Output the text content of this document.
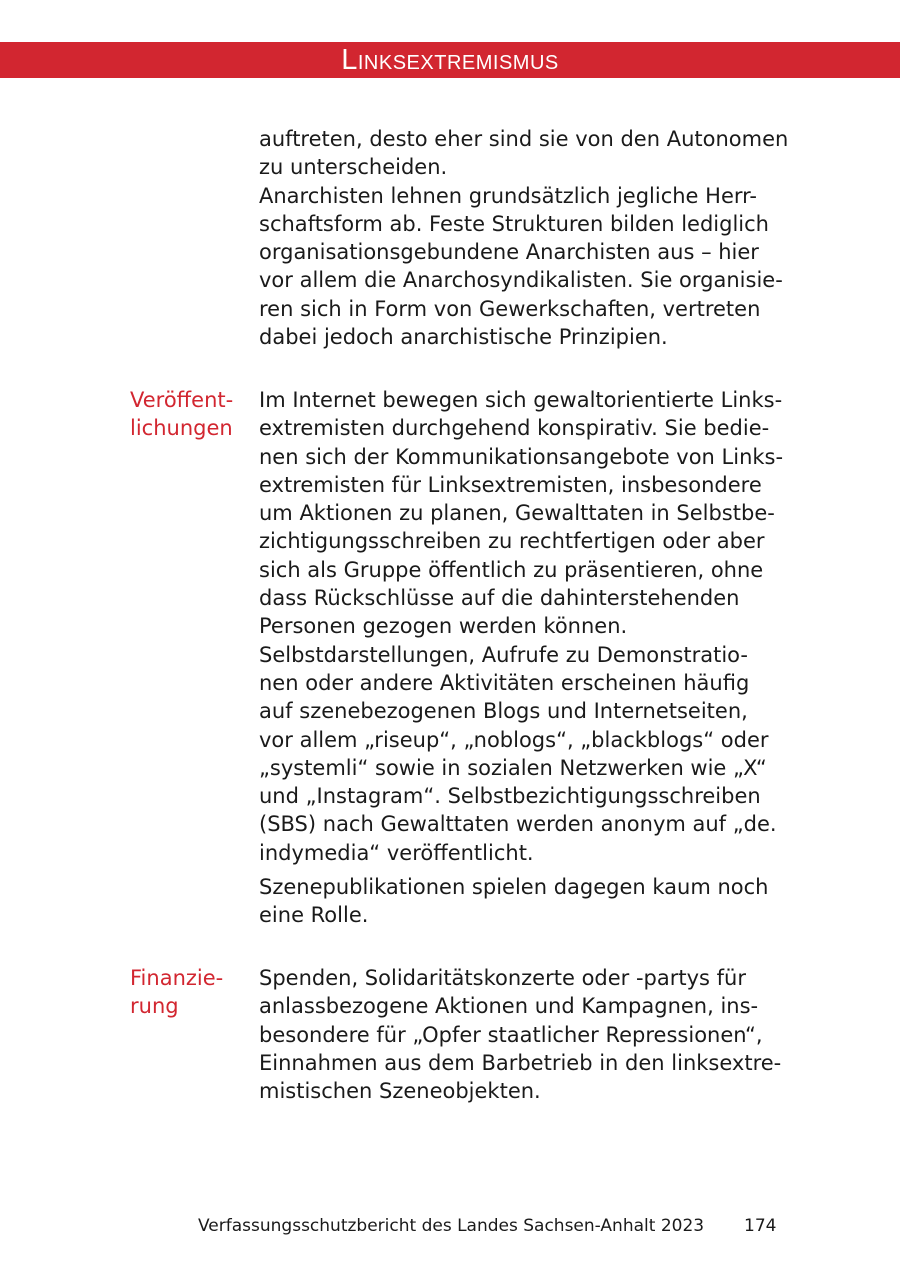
Linksextremismus
auftreten, desto eher sind sie von den Autonomen
zu unterscheiden.
Anarchisten lehnen grundsätzlich jegliche Herr-
schaftsform ab. Feste Strukturen bilden lediglich
organisationsgebundene Anarchisten aus – hier
vor allem die Anarchosyndikalisten. Sie organisie-
ren sich in Form von Gewerkschaften, vertreten
dabei jedoch anarchistische Prinzipien.
Veröffent-
lichungen
Im Internet bewegen sich gewaltorientierte Links-
extremisten durchgehend konspirativ. Sie bedie-
nen sich der Kommunikationsangebote von Links-
extremisten für Linksextremisten, insbesondere
um Aktionen zu planen, Gewalttaten in Selbstbe-
zichtigungsschreiben zu rechtfertigen oder aber
sich als Gruppe öffentlich zu präsentieren, ohne
dass Rückschlüsse auf die dahinterstehenden
Personen gezogen werden können.
Selbstdarstellungen, Aufrufe zu Demonstratio-
nen oder andere Aktivitäten erscheinen häufig
auf szenebezogenen Blogs und Internetseiten,
vor allem „riseup“, „noblogs“, „blackblogs“ oder
„systemli“ sowie in sozialen Netzwerken wie „X“
und „Instagram“. Selbstbezichtigungsschreiben
(SBS) nach Gewalttaten werden anonym auf „de.
indymedia“ veröffentlicht.
Szenepublikationen spielen dagegen kaum noch
eine Rolle.
Finanzie-
rung
Spenden, Solidaritätskonzerte oder -partys für
anlassbezogene Aktionen und Kampagnen, ins-
besondere für „Opfer staatlicher Repressionen“,
Einnahmen aus dem Barbetrieb in den linksextre-
mistischen Szeneobjekten.
Verfassungsschutzbericht des Landes Sachsen-Anhalt 2023 174
